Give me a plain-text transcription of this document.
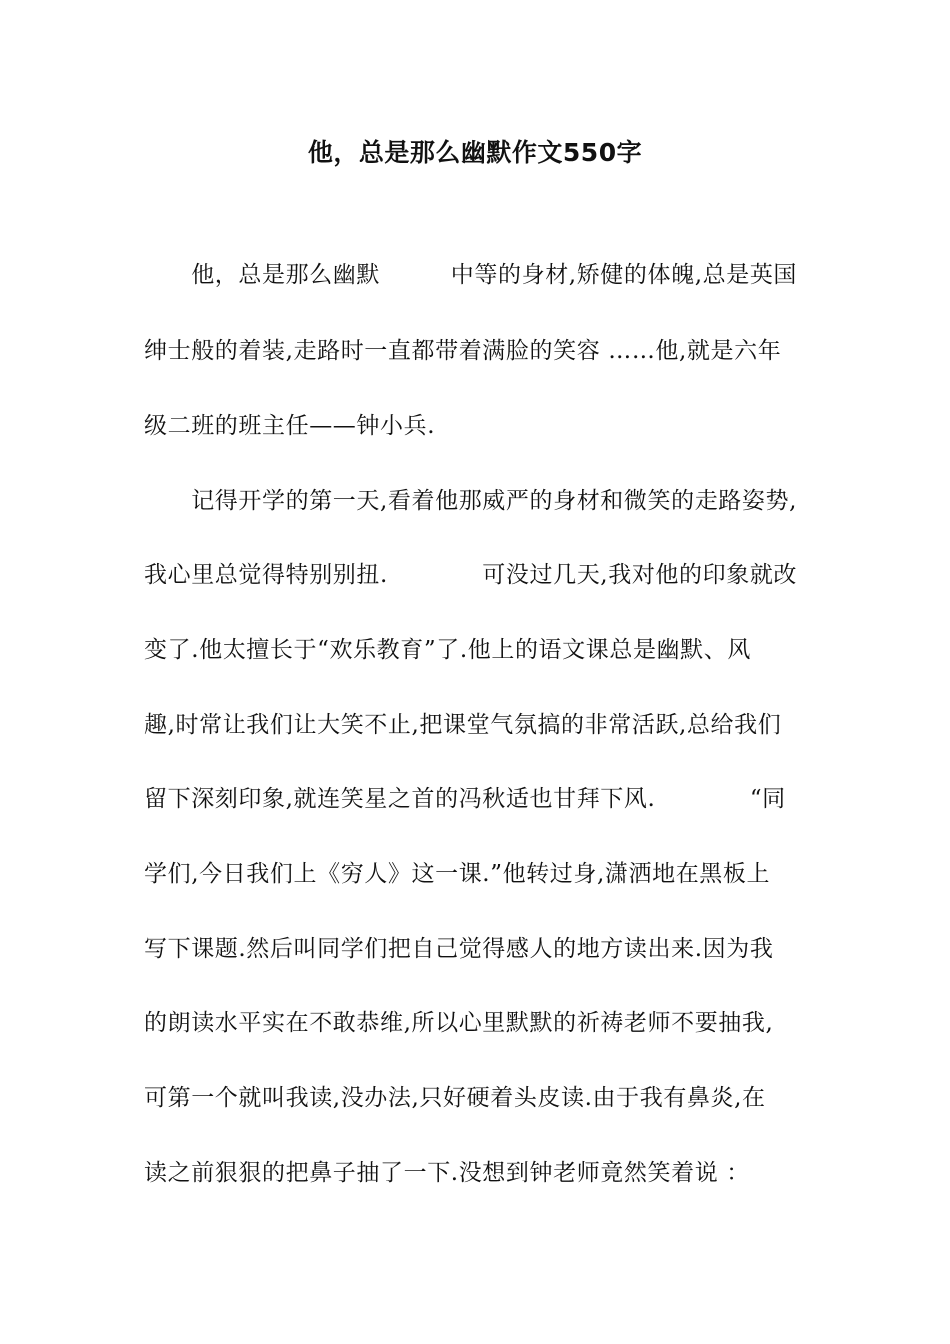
他，总是那么幽默作文550字
　　他，总是那么幽默　　　中等的身材,矫健的体魄,总是英国
绅士般的着装,走路时一直都带着满脸的笑容 ……他,就是六年
级二班的班主任——钟小兵.
　　记得开学的第一天,看着他那威严的身材和微笑的走路姿势,
我心里总觉得特别别扭.　　　　可没过几天,我对他的印象就改
变了.他太擅长于“欢乐教育”了.他上的语文课总是幽默、风
趣,时常让我们让大笑不止,把课堂气氛搞的非常活跃,总给我们
留下深刻印象,就连笑星之首的冯秋适也甘拜下风.　　　　“同
学们,今日我们上《穷人》这一课.”他转过身,潇洒地在黑板上
写下课题.然后叫同学们把自己觉得感人的地方读出来.因为我
的朗读水平实在不敢恭维,所以心里默默的祈祷老师不要抽我,
可第一个就叫我读,没办法,只好硬着头皮读.由于我有鼻炎,在
读之前狠狠的把鼻子抽了一下.没想到钟老师竟然笑着说 ：
